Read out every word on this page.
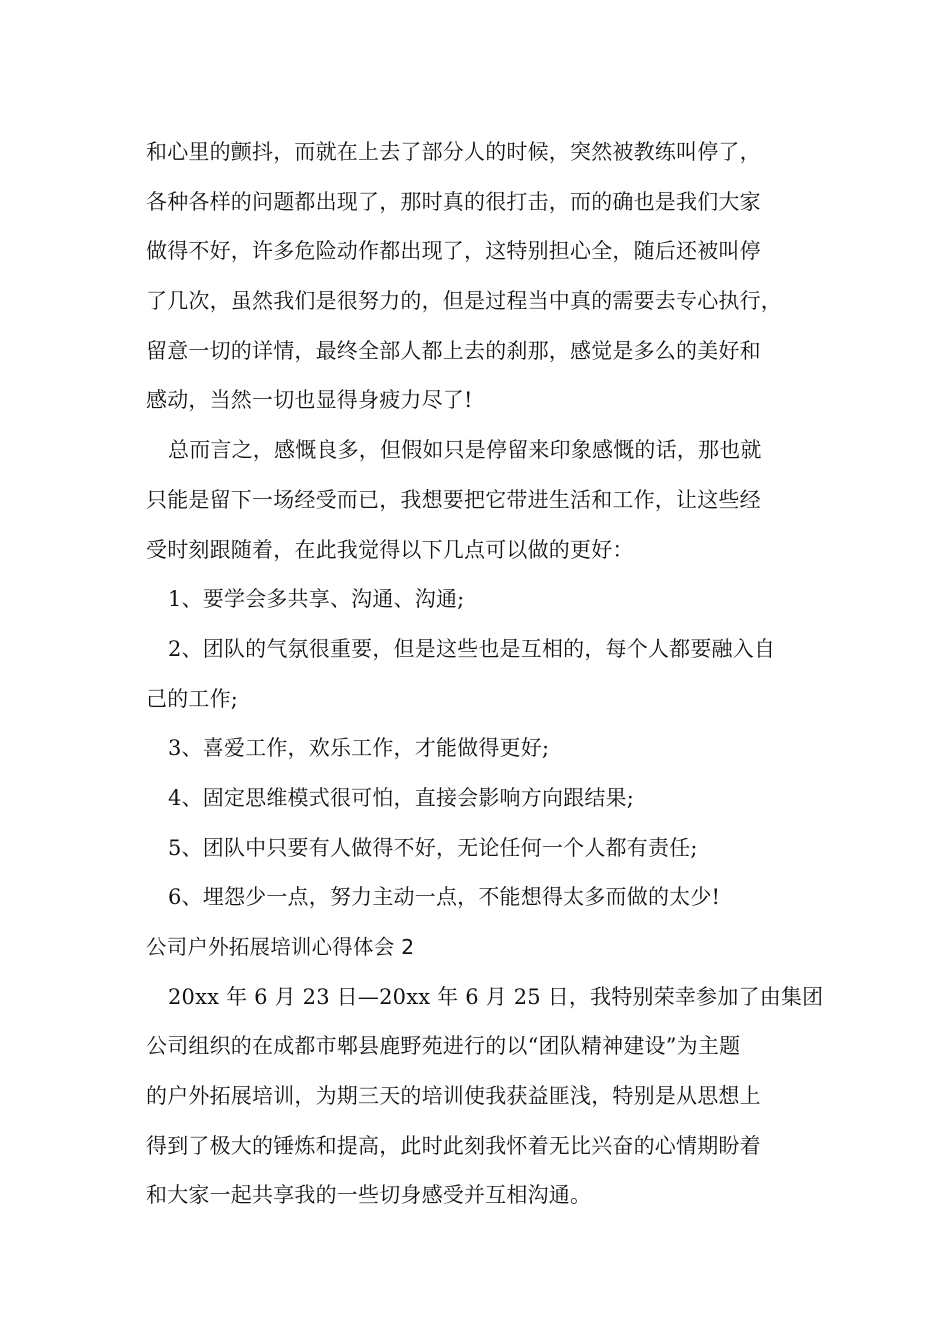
和心里的颤抖，而就在上去了部分人的时候，突然被教练叫停了，
各种各样的问题都出现了，那时真的很打击，而的确也是我们大家
做得不好，许多危险动作都出现了，这特别担心全，随后还被叫停
了几次，虽然我们是很努力的，但是过程当中真的需要去专心执行，
留意一切的详情，最终全部人都上去的刹那，感觉是多么的美好和
感动，当然一切也显得身疲力尽了!
总而言之，感慨良多，但假如只是停留来印象感慨的话，那也就
只能是留下一场经受而已，我想要把它带进生活和工作，让这些经
受时刻跟随着，在此我觉得以下几点可以做的更好：
1、要学会多共享、沟通、沟通;
2、团队的气氛很重要，但是这些也是互相的，每个人都要融入自
己的工作;
3、喜爱工作，欢乐工作，才能做得更好;
4、固定思维模式很可怕，直接会影响方向跟结果;
5、团队中只要有人做得不好，无论任何一个人都有责任;
6、埋怨少一点，努力主动一点，不能想得太多而做的太少!
公司户外拓展培训心得体会 2
20xx 年 6 月 23 日—20xx 年 6 月 25 日，我特别荣幸参加了由集团
公司组织的在成都市郫县鹿野苑进行的以“团队精神建设”为主题
的户外拓展培训，为期三天的培训使我获益匪浅，特别是从思想上
得到了极大的锤炼和提高，此时此刻我怀着无比兴奋的心情期盼着
和大家一起共享我的一些切身感受并互相沟通。
